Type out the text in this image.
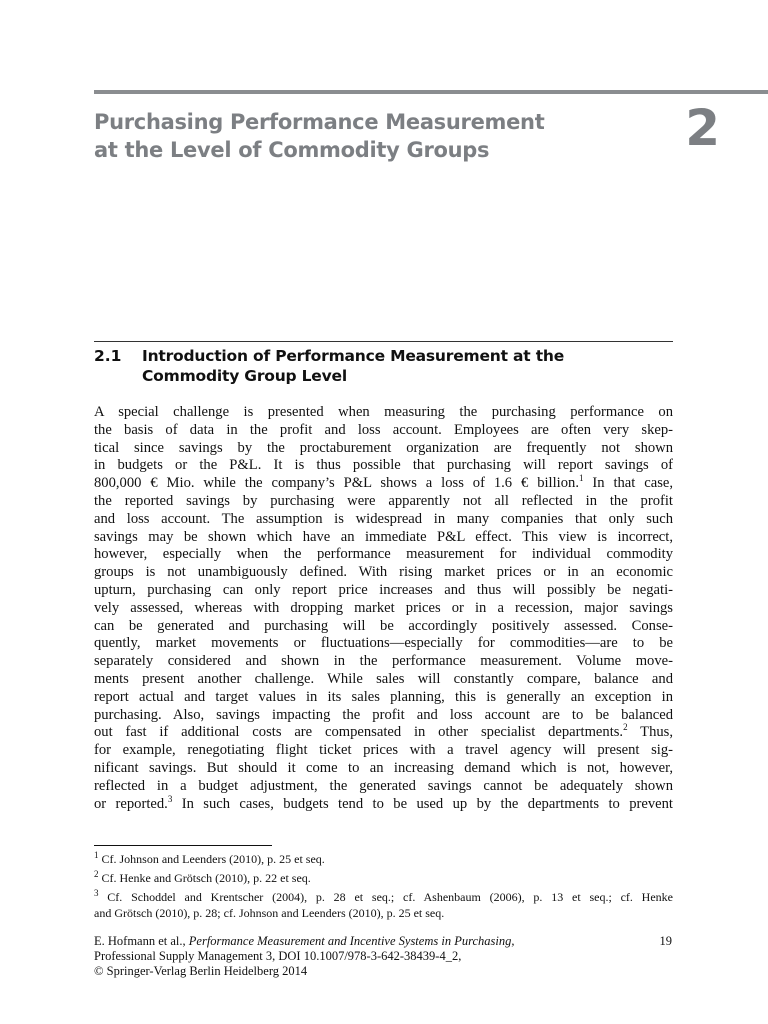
Purchasing Performance Measurement
at the Level of Commodity Groups	2
2.1 Introduction of Performance Measurement at the
Commodity Group Level
A special challenge is presented when measuring the purchasing performance on
the basis of data in the profit and loss account. Employees are often very skep-
tical since savings by the proctaburement organization are frequently not shown
in budgets or the P&L. It is thus possible that purchasing will report savings of
800,000 € Mio. while the company’s P&L shows a loss of 1.6 € billion.$^1$ In that case,
the reported savings by purchasing were apparently not all reflected in the profit
and loss account. The assumption is widespread in many companies that only such
savings may be shown which have an immediate P&L effect. This view is incorrect,
however, especially when the performance measurement for individual commodity
groups is not unambiguously defined. With rising market prices or in an economic
upturn, purchasing can only report price increases and thus will possibly be negati-
vely assessed, whereas with dropping market prices or in a recession, major savings
can be generated and purchasing will be accordingly positively assessed. Conse-
quently, market movements or fluctuations—especially for commodities—are to be
separately considered and shown in the performance measurement. Volume move-
ments present another challenge. While sales will constantly compare, balance and
report actual and target values in its sales planning, this is generally an exception in
purchasing. Also, savings impacting the profit and loss account are to be balanced
out fast if additional costs are compensated in other specialist departments.$^2$ Thus,
for example, renegotiating flight ticket prices with a travel agency will present sig-
nificant savings. But should it come to an increasing demand which is not, however,
reflected in a budget adjustment, the generated savings cannot be adequately shown
or reported.$^3$ In such cases, budgets tend to be used up by the departments to prevent
$^1$ Cf. Johnson and Leenders (2010), p. 25 et seq.
$^2$ Cf. Henke and Grötsch (2010), p. 22 et seq.
$^3$ Cf. Schoddel and Krentscher (2004), p. 28 et seq.; cf. Ashenbaum (2006), p. 13 et seq.; cf. Henke
and Grötsch (2010), p. 28; cf. Johnson and Leenders (2010), p. 25 et seq.
E. Hofmann et al., Performance Measurement and Incentive Systems in Purchasing,
Professional Supply Management 3, DOI 10.1007/978-3-642-38439-4_2,
© Springer-Verlag Berlin Heidelberg 2014
19
